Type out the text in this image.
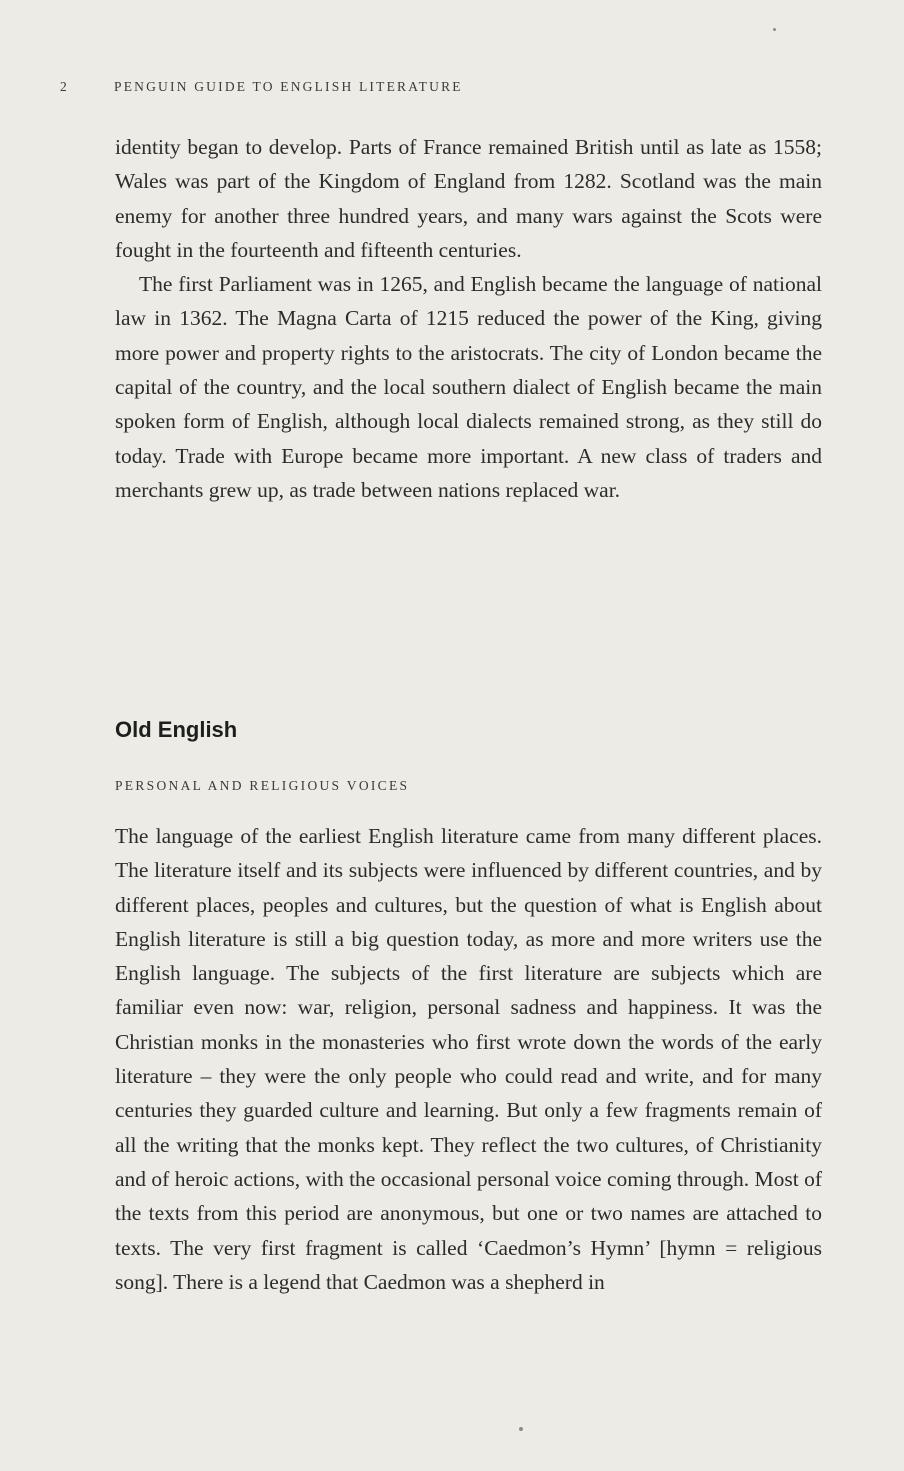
2	PENGUIN GUIDE TO ENGLISH LITERATURE

identity began to develop. Parts of France remained British until as late as 1558; Wales was part of the Kingdom of England from 1282. Scotland was the main enemy for another three hundred years, and many wars against the Scots were fought in the fourteenth and fifteenth centuries.

The first Parliament was in 1265, and English became the language of national law in 1362. The Magna Carta of 1215 reduced the power of the King, giving more power and property rights to the aristocrats. The city of London became the capital of the country, and the local southern dialect of English became the main spoken form of English, although local dialects remained strong, as they still do today. Trade with Europe became more important. A new class of traders and merchants grew up, as trade between nations replaced war.

Old English
PERSONAL AND RELIGIOUS VOICES

The language of the earliest English literature came from many different places. The literature itself and its subjects were influenced by different countries, and by different places, peoples and cultures, but the question of what is English about English literature is still a big question today, as more and more writers use the English language. The subjects of the first literature are subjects which are familiar even now: war, religion, personal sadness and happiness. It was the Christian monks in the monasteries who first wrote down the words of the early literature – they were the only people who could read and write, and for many centuries they guarded culture and learning. But only a few fragments remain of all the writing that the monks kept. They reflect the two cultures, of Christianity and of heroic actions, with the occasional personal voice coming through. Most of the texts from this period are anonymous, but one or two names are attached to texts. The very first fragment is called ‘Caedmon’s Hymn’ [hymn = religious song]. There is a legend that Caedmon was a shepherd in
